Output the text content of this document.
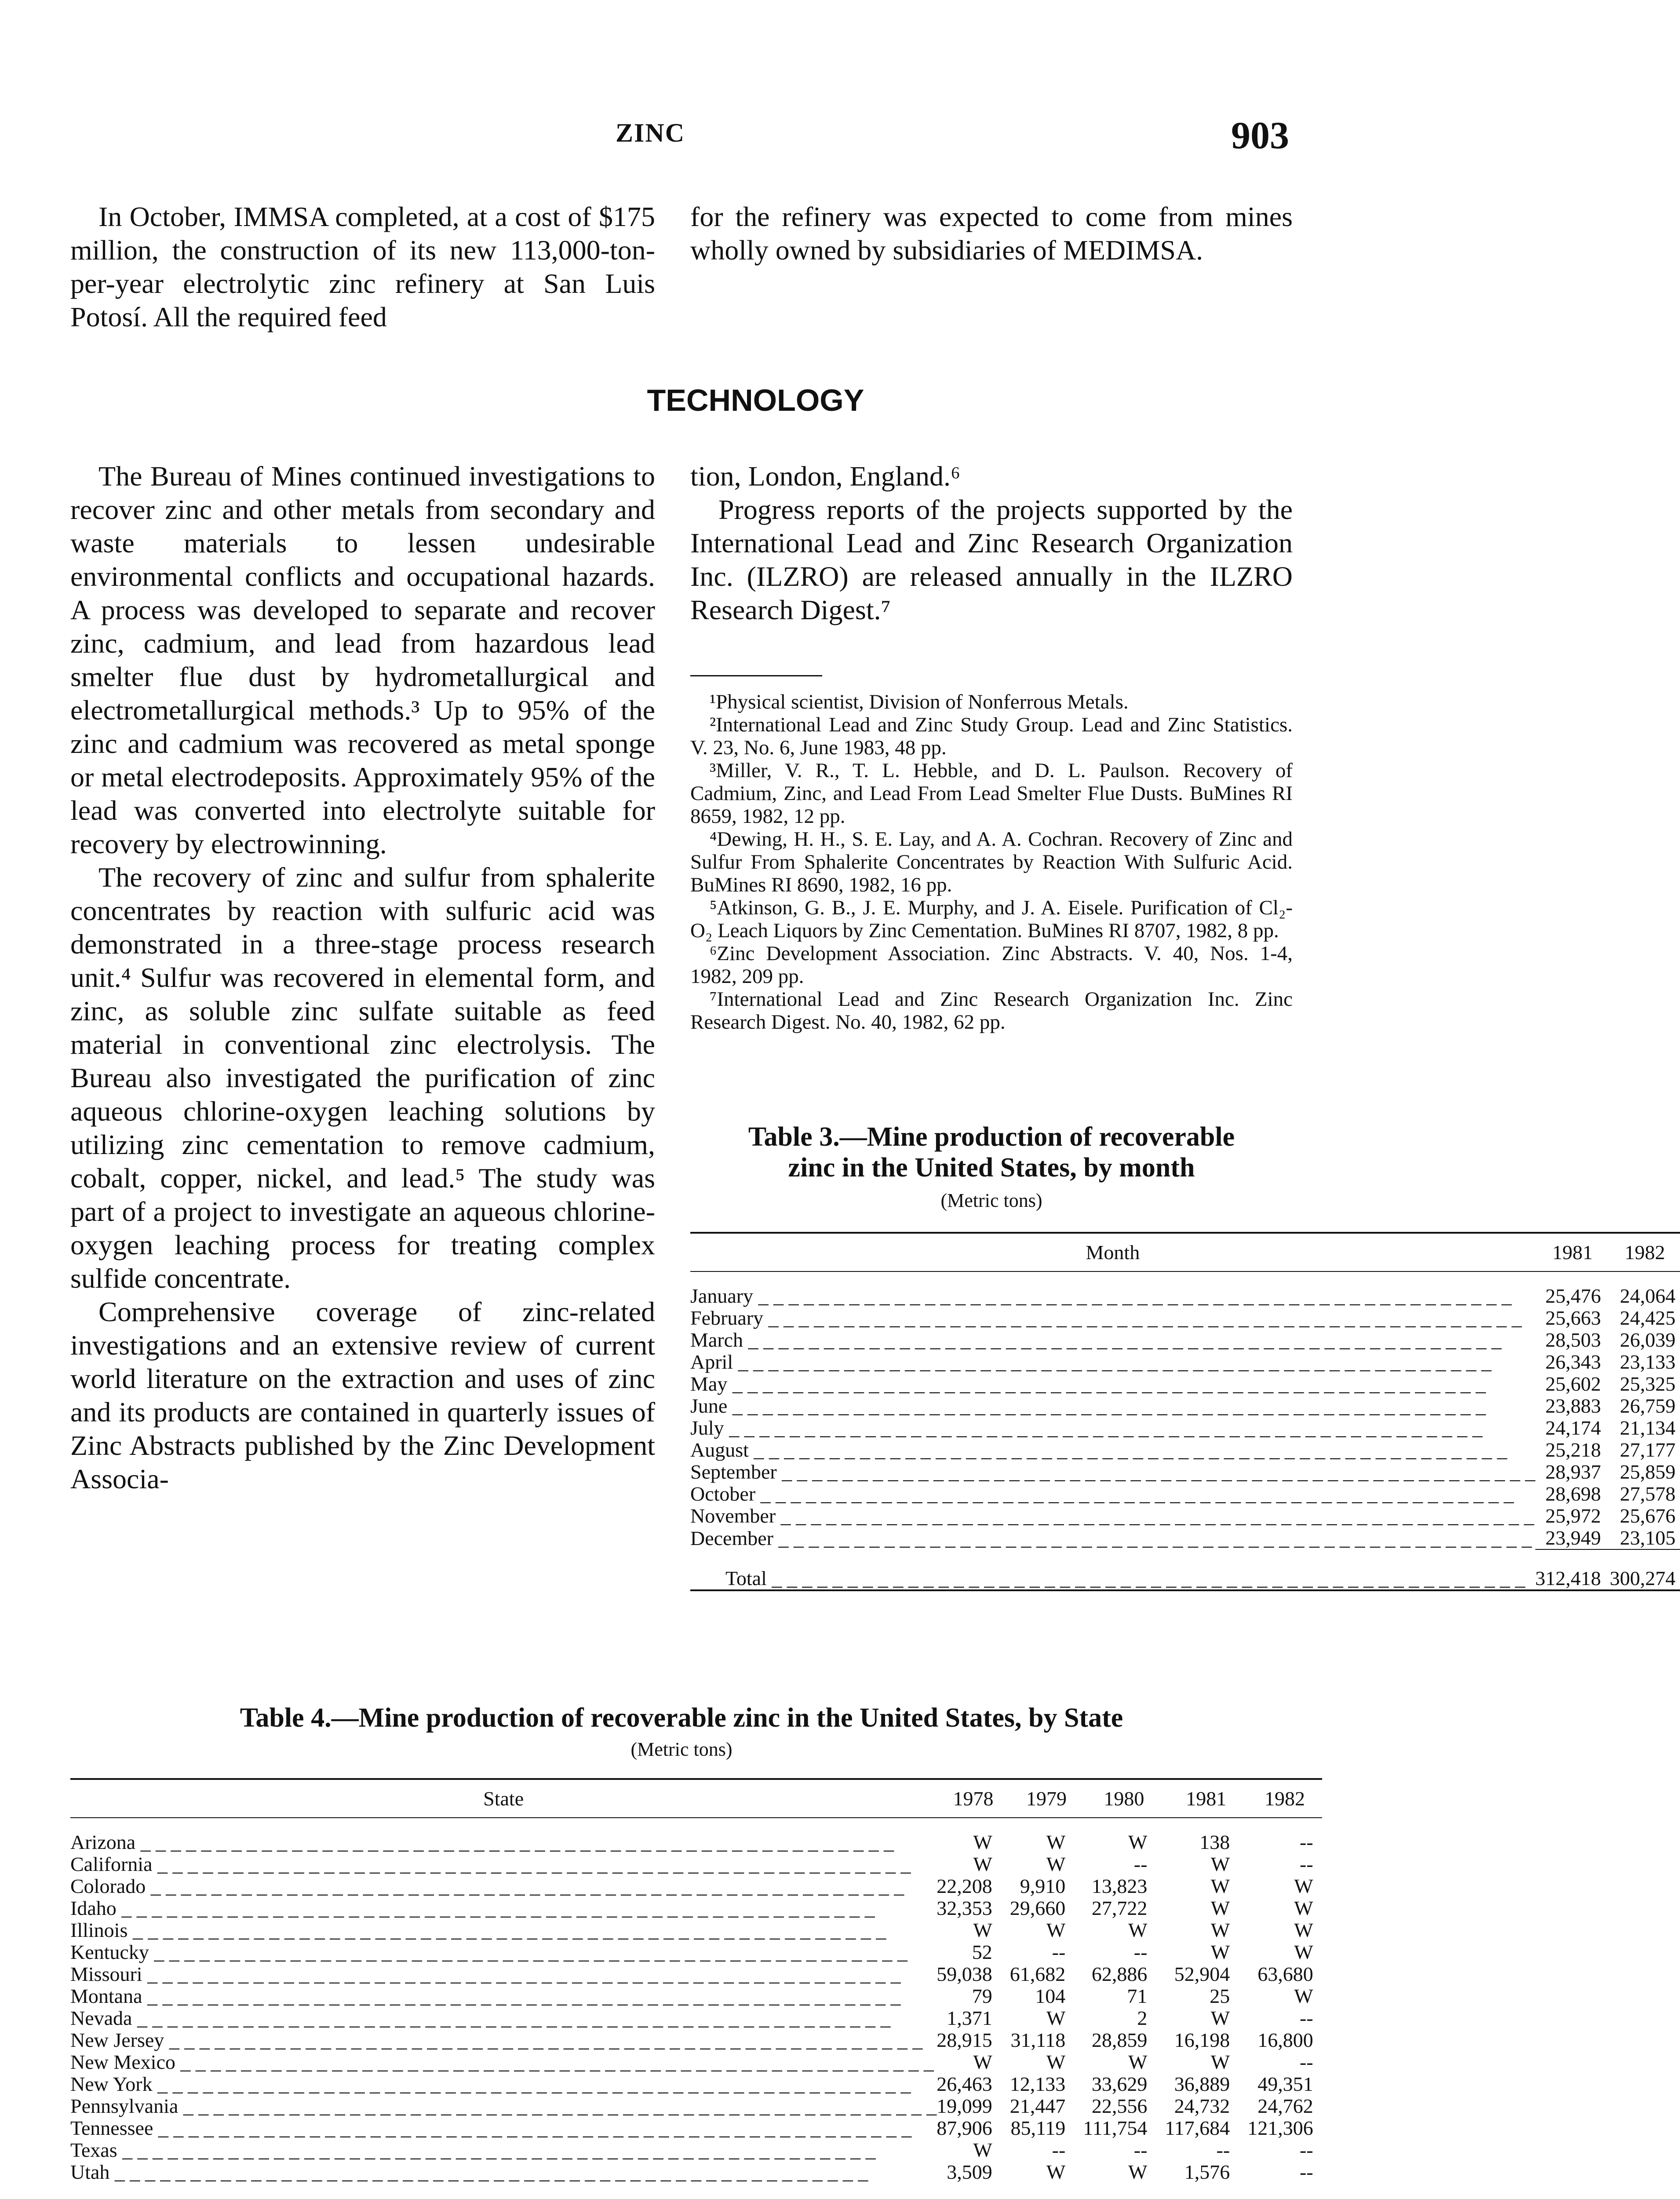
ZINC	903

In October, IMMSA completed, at a cost of $175 million, the construction of its new 113,000-ton-per-year electrolytic zinc refinery at San Luis Potosí. All the required feed

for the refinery was expected to come from mines wholly owned by subsidiaries of MEDIMSA.

TECHNOLOGY

The Bureau of Mines continued investigations to recover zinc and other metals from secondary and waste materials to lessen undesirable environmental conflicts and occupational hazards. A process was developed to separate and recover zinc, cadmium, and lead from hazardous lead smelter flue dust by hydrometallurgical and electrometallurgical methods.³ Up to 95% of the zinc and cadmium was recovered as metal sponge or metal electrodeposits. Approximately 95% of the lead was converted into electrolyte suitable for recovery by electrowinning.

The recovery of zinc and sulfur from sphalerite concentrates by reaction with sulfuric acid was demonstrated in a three-stage process research unit.⁴ Sulfur was recovered in elemental form, and zinc, as soluble zinc sulfate suitable as feed material in conventional zinc electrolysis. The Bureau also investigated the purification of zinc aqueous chlorine-oxygen leaching solutions by utilizing zinc cementation to remove cadmium, cobalt, copper, nickel, and lead.⁵ The study was part of a project to investigate an aqueous chlorine-oxygen leaching process for treating complex sulfide concentrate.

Comprehensive coverage of zinc-related investigations and an extensive review of current world literature on the extraction and uses of zinc and its products are contained in quarterly issues of Zinc Abstracts published by the Zinc Development Associa-

tion, London, England.⁶

Progress reports of the projects supported by the International Lead and Zinc Research Organization Inc. (ILZRO) are released annually in the ILZRO Research Digest.⁷

¹Physical scientist, Division of Nonferrous Metals.

²International Lead and Zinc Study Group. Lead and Zinc Statistics. V. 23, No. 6, June 1983, 48 pp.

³Miller, V. R., T. L. Hebble, and D. L. Paulson. Recovery of Cadmium, Zinc, and Lead From Lead Smelter Flue Dusts. BuMines RI 8659, 1982, 12 pp.

⁴Dewing, H. H., S. E. Lay, and A. A. Cochran. Recovery of Zinc and Sulfur From Sphalerite Concentrates by Reaction With Sulfuric Acid. BuMines RI 8690, 1982, 16 pp.

⁵Atkinson, G. B., J. E. Murphy, and J. A. Eisele. Purification of Cl₂-O₂ Leach Liquors by Zinc Cementation. BuMines RI 8707, 1982, 8 pp.

⁶Zinc Development Association. Zinc Abstracts. V. 40, Nos. 1-4, 1982, 209 pp.

⁷International Lead and Zinc Research Organization Inc. Zinc Research Digest. No. 40, 1982, 62 pp.

Table 3.—Mine production of recoverable
zinc in the United States, by month
(Metric tons)
Month	1981	1982

January _ _ _ _ _ _ _ _ _ _ _ _ _ _ _ _ _ _ _ _ _ _ _ _ _ _ _ _ _ _ _ _ _ _ _ _ _ _ _ _ _ _ _ _ _ _ _ _ _ _	25,476	24,064
February _ _ _ _ _ _ _ _ _ _ _ _ _ _ _ _ _ _ _ _ _ _ _ _ _ _ _ _ _ _ _ _ _ _ _ _ _ _ _ _ _ _ _ _ _ _ _ _ _ _	25,663	24,425
March _ _ _ _ _ _ _ _ _ _ _ _ _ _ _ _ _ _ _ _ _ _ _ _ _ _ _ _ _ _ _ _ _ _ _ _ _ _ _ _ _ _ _ _ _ _ _ _ _ _	28,503	26,039
April _ _ _ _ _ _ _ _ _ _ _ _ _ _ _ _ _ _ _ _ _ _ _ _ _ _ _ _ _ _ _ _ _ _ _ _ _ _ _ _ _ _ _ _ _ _ _ _ _ _	26,343	23,133
May _ _ _ _ _ _ _ _ _ _ _ _ _ _ _ _ _ _ _ _ _ _ _ _ _ _ _ _ _ _ _ _ _ _ _ _ _ _ _ _ _ _ _ _ _ _ _ _ _ _	25,602	25,325
June _ _ _ _ _ _ _ _ _ _ _ _ _ _ _ _ _ _ _ _ _ _ _ _ _ _ _ _ _ _ _ _ _ _ _ _ _ _ _ _ _ _ _ _ _ _ _ _ _ _	23,883	26,759
July _ _ _ _ _ _ _ _ _ _ _ _ _ _ _ _ _ _ _ _ _ _ _ _ _ _ _ _ _ _ _ _ _ _ _ _ _ _ _ _ _ _ _ _ _ _ _ _ _ _	24,174	21,134
August _ _ _ _ _ _ _ _ _ _ _ _ _ _ _ _ _ _ _ _ _ _ _ _ _ _ _ _ _ _ _ _ _ _ _ _ _ _ _ _ _ _ _ _ _ _ _ _ _ _	25,218	27,177
September _ _ _ _ _ _ _ _ _ _ _ _ _ _ _ _ _ _ _ _ _ _ _ _ _ _ _ _ _ _ _ _ _ _ _ _ _ _ _ _ _ _ _ _ _ _ _ _ _ _	28,937	25,859
October _ _ _ _ _ _ _ _ _ _ _ _ _ _ _ _ _ _ _ _ _ _ _ _ _ _ _ _ _ _ _ _ _ _ _ _ _ _ _ _ _ _ _ _ _ _ _ _ _ _	28,698	27,578
November _ _ _ _ _ _ _ _ _ _ _ _ _ _ _ _ _ _ _ _ _ _ _ _ _ _ _ _ _ _ _ _ _ _ _ _ _ _ _ _ _ _ _ _ _ _ _ _ _ _	25,972	25,676
December _ _ _ _ _ _ _ _ _ _ _ _ _ _ _ _ _ _ _ _ _ _ _ _ _ _ _ _ _ _ _ _ _ _ _ _ _ _ _ _ _ _ _ _ _ _ _ _ _ _	23,949	23,105
Total _ _ _ _ _ _ _ _ _ _ _ _ _ _ _ _ _ _ _ _ _ _ _ _ _ _ _ _ _ _ _ _ _ _ _ _ _ _ _ _ _ _ _ _ _ _ _ _ _ _	312,418	300,274
Table 4.—Mine production of recoverable zinc in the United States, by State
(Metric tons)
State	1978	1979	1980	1981	1982

Arizona _ _ _ _ _ _ _ _ _ _ _ _ _ _ _ _ _ _ _ _ _ _ _ _ _ _ _ _ _ _ _ _ _ _ _ _ _ _ _ _ _ _ _ _ _ _ _ _ _ _	W	W	W	138	--
California _ _ _ _ _ _ _ _ _ _ _ _ _ _ _ _ _ _ _ _ _ _ _ _ _ _ _ _ _ _ _ _ _ _ _ _ _ _ _ _ _ _ _ _ _ _ _ _ _ _	W	W	--	W	--
Colorado _ _ _ _ _ _ _ _ _ _ _ _ _ _ _ _ _ _ _ _ _ _ _ _ _ _ _ _ _ _ _ _ _ _ _ _ _ _ _ _ _ _ _ _ _ _ _ _ _ _	22,208	9,910	13,823	W	W
Idaho _ _ _ _ _ _ _ _ _ _ _ _ _ _ _ _ _ _ _ _ _ _ _ _ _ _ _ _ _ _ _ _ _ _ _ _ _ _ _ _ _ _ _ _ _ _ _ _ _ _	32,353	29,660	27,722	W	W
Illinois _ _ _ _ _ _ _ _ _ _ _ _ _ _ _ _ _ _ _ _ _ _ _ _ _ _ _ _ _ _ _ _ _ _ _ _ _ _ _ _ _ _ _ _ _ _ _ _ _ _	W	W	W	W	W
Kentucky _ _ _ _ _ _ _ _ _ _ _ _ _ _ _ _ _ _ _ _ _ _ _ _ _ _ _ _ _ _ _ _ _ _ _ _ _ _ _ _ _ _ _ _ _ _ _ _ _ _	52	--	--	W	W
Missouri _ _ _ _ _ _ _ _ _ _ _ _ _ _ _ _ _ _ _ _ _ _ _ _ _ _ _ _ _ _ _ _ _ _ _ _ _ _ _ _ _ _ _ _ _ _ _ _ _ _	59,038	61,682	62,886	52,904	63,680
Montana _ _ _ _ _ _ _ _ _ _ _ _ _ _ _ _ _ _ _ _ _ _ _ _ _ _ _ _ _ _ _ _ _ _ _ _ _ _ _ _ _ _ _ _ _ _ _ _ _ _	79	104	71	25	W
Nevada _ _ _ _ _ _ _ _ _ _ _ _ _ _ _ _ _ _ _ _ _ _ _ _ _ _ _ _ _ _ _ _ _ _ _ _ _ _ _ _ _ _ _ _ _ _ _ _ _ _	1,371	W	2	W	--
New Jersey _ _ _ _ _ _ _ _ _ _ _ _ _ _ _ _ _ _ _ _ _ _ _ _ _ _ _ _ _ _ _ _ _ _ _ _ _ _ _ _ _ _ _ _ _ _ _ _ _ _	28,915	31,118	28,859	16,198	16,800
New Mexico _ _ _ _ _ _ _ _ _ _ _ _ _ _ _ _ _ _ _ _ _ _ _ _ _ _ _ _ _ _ _ _ _ _ _ _ _ _ _ _ _ _ _ _ _ _ _ _ _ _	W	W	W	W	--
New York _ _ _ _ _ _ _ _ _ _ _ _ _ _ _ _ _ _ _ _ _ _ _ _ _ _ _ _ _ _ _ _ _ _ _ _ _ _ _ _ _ _ _ _ _ _ _ _ _ _	26,463	12,133	33,629	36,889	49,351
Pennsylvania _ _ _ _ _ _ _ _ _ _ _ _ _ _ _ _ _ _ _ _ _ _ _ _ _ _ _ _ _ _ _ _ _ _ _ _ _ _ _ _ _ _ _ _ _ _ _ _ _ _	19,099	21,447	22,556	24,732	24,762
Tennessee _ _ _ _ _ _ _ _ _ _ _ _ _ _ _ _ _ _ _ _ _ _ _ _ _ _ _ _ _ _ _ _ _ _ _ _ _ _ _ _ _ _ _ _ _ _ _ _ _ _	87,906	85,119	111,754	117,684	121,306
Texas _ _ _ _ _ _ _ _ _ _ _ _ _ _ _ _ _ _ _ _ _ _ _ _ _ _ _ _ _ _ _ _ _ _ _ _ _ _ _ _ _ _ _ _ _ _ _ _ _ _	W	--	--	--	--
Utah _ _ _ _ _ _ _ _ _ _ _ _ _ _ _ _ _ _ _ _ _ _ _ _ _ _ _ _ _ _ _ _ _ _ _ _ _ _ _ _ _ _ _ _ _ _ _ _ _ _	3,509	W	W	1,576	--
